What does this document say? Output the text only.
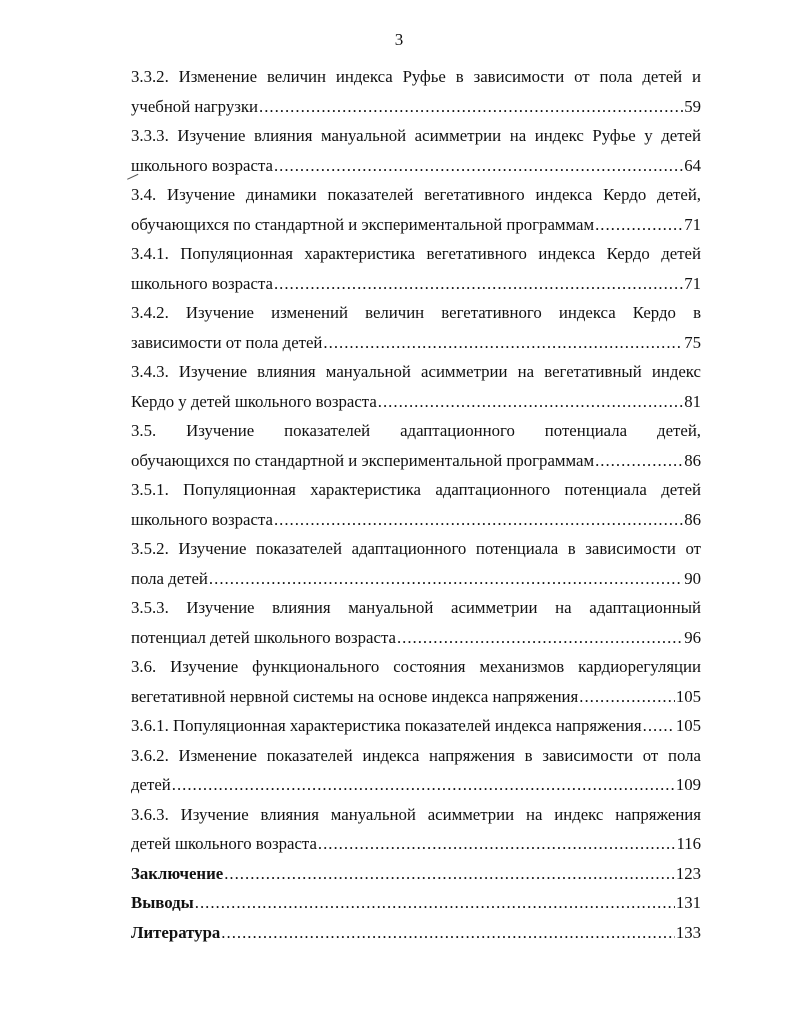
3
3.3.2. Изменение величин индекса Руфье в зависимости от пола детей и
учебной нагрузки .....	59
3.3.3. Изучение влияния мануальной асимметрии на индекс Руфье у детей
школьного возраста .....	64
3.4. Изучение динамики показателей вегетативного индекса Кердо детей,
обучающихся по стандартной и экспериментальной программам .....	71
3.4.1. Популяционная характеристика вегетативного индекса Кердо детей
школьного возраста .....	71
3.4.2. Изучение изменений величин вегетативного индекса Кердо в
зависимости от пола детей .....	75
3.4.3. Изучение влияния мануальной асимметрии на вегетативный индекс
Кердо у детей школьного возраста .....	81
3.5. Изучение показателей адаптационного потенциала детей,
обучающихся по стандартной и экспериментальной программам .....	86
3.5.1. Популяционная характеристика адаптационного потенциала детей
школьного возраста .....	86
3.5.2. Изучение показателей адаптационного потенциала в зависимости от
пола детей .....	90
3.5.3. Изучение влияния мануальной асимметрии на адаптационный
потенциал детей школьного возраста .....	96
3.6. Изучение функционального состояния механизмов кардиорегуляции
вегетативной нервной системы на основе индекса напряжения .....	105
3.6.1. Популяционная характеристика показателей индекса напряжения ..... 105
3.6.2. Изменение показателей индекса напряжения в зависимости от пола
детей .....	109
3.6.3. Изучение влияния мануальной асимметрии на индекс напряжения
детей школьного возраста .....	116
Заключение .....	123
Выводы .....	131
Литература .....	133
